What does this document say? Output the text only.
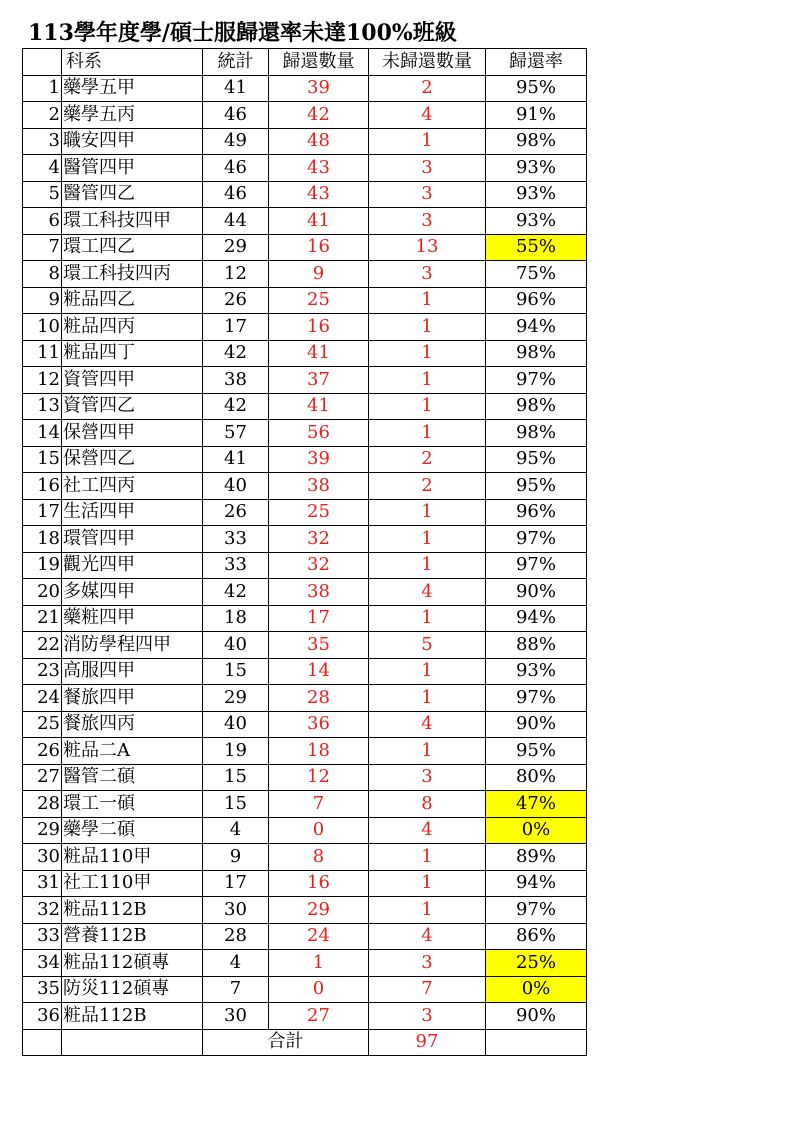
113學年度學/碩士服歸還率未達100%班級
	科系	統計	歸還數量	未歸還數量	歸還率
1	藥學五甲	41	39	2	95%
2	藥學五丙	46	42	4	91%
3	職安四甲	49	48	1	98%
4	醫管四甲	46	43	3	93%
5	醫管四乙	46	43	3	93%
6	環工科技四甲	44	41	3	93%
7	環工四乙	29	16	13	55%
8	環工科技四丙	12	9	3	75%
9	粧品四乙	26	25	1	96%
10	粧品四丙	17	16	1	94%
11	粧品四丁	42	41	1	98%
12	資管四甲	38	37	1	97%
13	資管四乙	42	41	1	98%
14	保營四甲	57	56	1	98%
15	保營四乙	41	39	2	95%
16	社工四丙	40	38	2	95%
17	生活四甲	26	25	1	96%
18	環管四甲	33	32	1	97%
19	觀光四甲	33	32	1	97%
20	多媒四甲	42	38	4	90%
21	藥粧四甲	18	17	1	94%
22	消防學程四甲	40	35	5	88%
23	高服四甲	15	14	1	93%
24	餐旅四甲	29	28	1	97%
25	餐旅四丙	40	36	4	90%
26	粧品二A	19	18	1	95%
27	醫管二碩	15	12	3	80%
28	環工一碩	15	7	8	47%
29	藥學二碩	4	0	4	0%
30	粧品110甲	9	8	1	89%
31	社工110甲	17	16	1	94%
32	粧品112B	30	29	1	97%
33	營養112B	28	24	4	86%
34	粧品112碩專	4	1	3	25%
35	防災112碩專	7	0	7	0%
36	粧品112B	30	27	3	90%
		合計		97	
